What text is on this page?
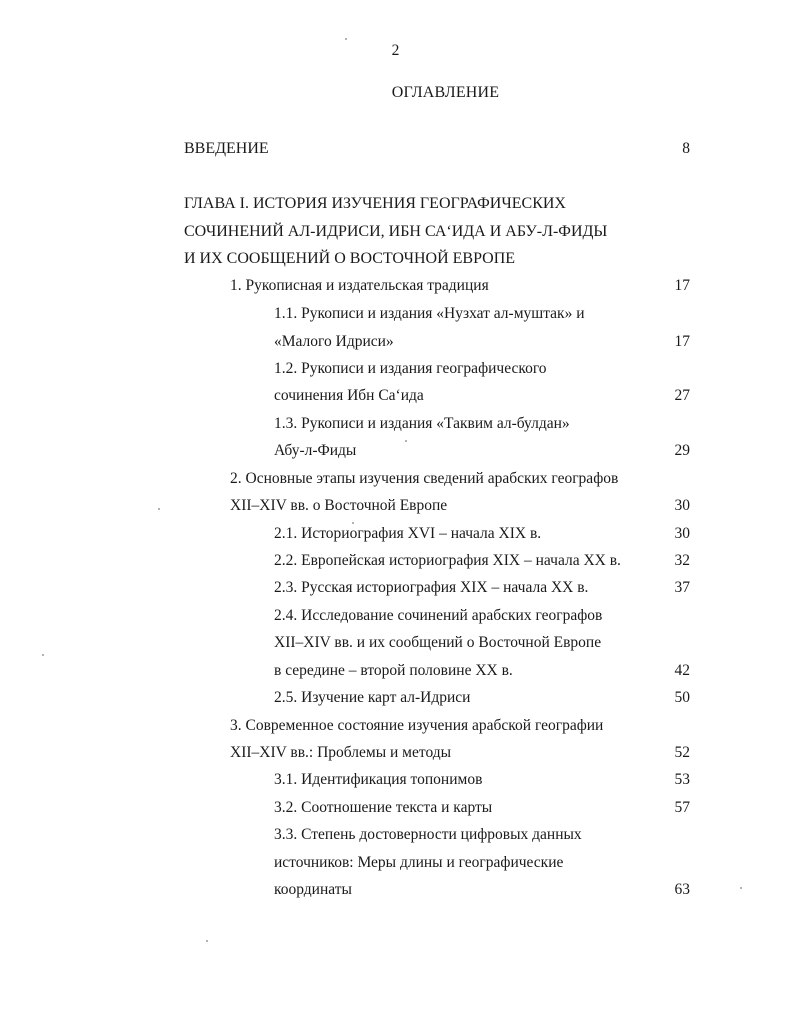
2
ОГЛАВЛЕНИЕ
ВВЕДЕНИЕ	8
ГЛАВА I. ИСТОРИЯ ИЗУЧЕНИЯ ГЕОГРАФИЧЕСКИХ
СОЧИНЕНИЙ АЛ-ИДРИСИ, ИБН СА‘ИДА И АБУ-Л-ФИДЫ
И ИХ СООБЩЕНИЙ О ВОСТОЧНОЙ ЕВРОПЕ
1. Рукописная и издательская традиция	17
1.1. Рукописи и издания «Нузхат ал-муштак» и
«Малого Идриси»	17
1.2. Рукописи и издания географического
сочинения Ибн Са‘ида	27
1.3. Рукописи и издания «Таквим ал-булдан»
Абу-л-Фиды	29
2. Основные этапы изучения сведений арабских географов
XII–XIV вв. о Восточной Европе	30
2.1. Историография XVI – начала XIX в.	30
2.2. Европейская историография XIX – начала XX в.	32
2.3. Русская историография XIX – начала XX в.	37
2.4. Исследование сочинений арабских географов
XII–XIV вв. и их сообщений о Восточной Европе
в середине – второй половине XX в.	42
2.5. Изучение карт ал-Идриси	50
3. Современное состояние изучения арабской географии
XII–XIV вв.: Проблемы и методы	52
3.1. Идентификация топонимов	53
3.2. Соотношение текста и карты	57
3.3. Степень достоверности цифровых данных
источников: Меры длины и географические
координаты	63
